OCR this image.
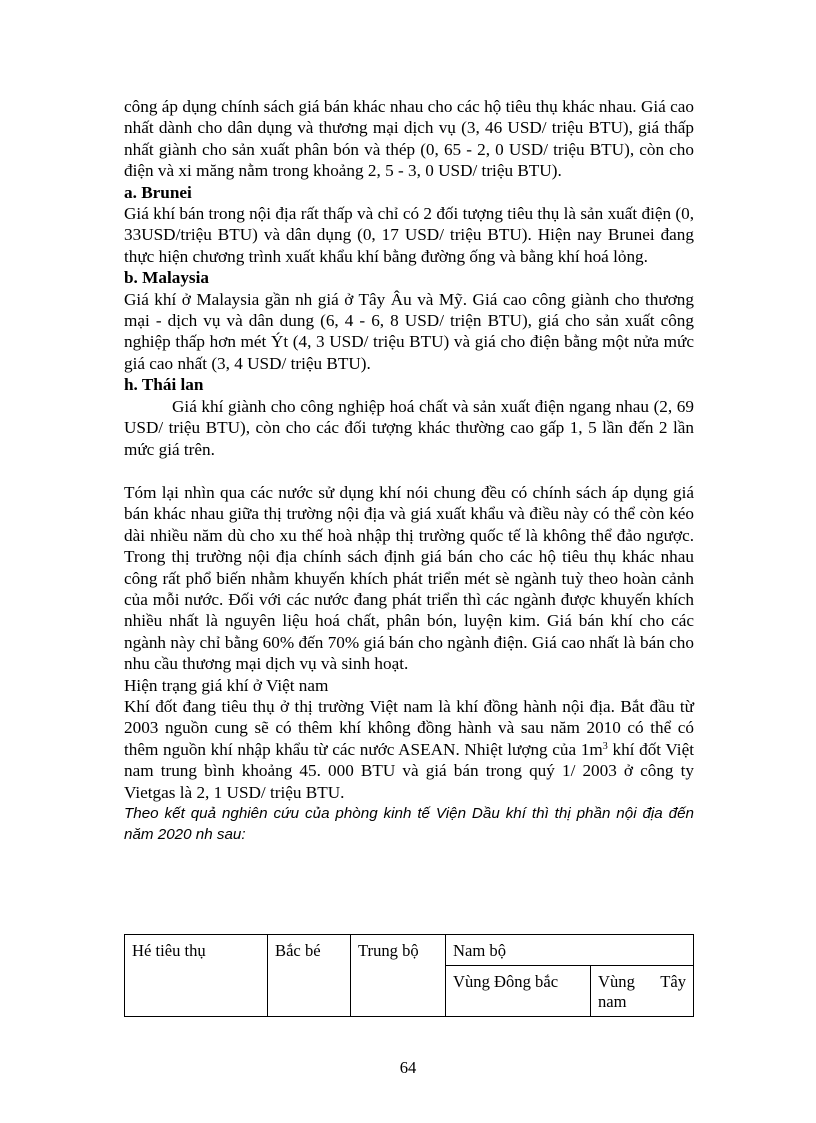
công áp dụng chính sách giá bán khác nhau cho các hộ tiêu thụ khác nhau. Giá cao nhất dành cho dân dụng và thương mại dịch vụ (3, 46 USD/ triệu BTU), giá thấp nhất giành cho sản xuất phân bón và thép (0, 65 - 2, 0 USD/ triệu BTU), còn cho điện và xi măng nằm trong khoảng 2, 5 - 3, 0 USD/ triệu BTU).

a. Brunei

Giá khí bán trong nội địa rất thấp và chỉ có 2 đối tượng tiêu thụ là sản xuất điện (0, 33USD/triệu BTU) và dân dụng (0, 17 USD/ triệu BTU). Hiện nay Brunei đang thực hiện chương trình xuất khẩu khí bằng đường ống và bằng khí hoá lỏng.

b. Malaysia

Giá khí ở Malaysia gần nh giá ở Tây Âu và Mỹ. Giá cao công giành cho thương mại - dịch vụ và dân dung (6, 4 - 6, 8 USD/ triện BTU), giá cho sản xuất công nghiệp thấp hơn mét Ýt (4, 3 USD/ triệu BTU) và giá cho điện bằng một nửa mức giá cao nhất (3, 4 USD/ triệu BTU).

h. Thái lan

Giá khí giành cho công nghiệp hoá chất và sản xuất điện ngang nhau (2, 69 USD/ triệu BTU), còn cho các đối tượng khác thường cao gấp 1, 5 lần đến 2 lần mức giá trên.

Tóm lại nhìn qua các nước sử dụng khí nói chung đều có chính sách áp dụng giá bán khác nhau giữa thị trường nội địa và giá xuất khẩu và điều này có thể còn kéo dài nhiều năm dù cho xu thế hoà nhập thị trường quốc tế là không thể đảo ngược. Trong thị trường nội địa chính sách định giá bán cho các hộ tiêu thụ khác nhau công rất phổ biến nhằm khuyến khích phát triển mét sè ngành tuỳ theo hoàn cảnh của mỗi nước. Đối với các nước đang phát triển thì các ngành được khuyến khích nhiều nhất là nguyên liệu hoá chất, phân bón, luyện kim. Giá bán khí cho các ngành này chỉ bằng 60% đến 70% giá bán cho ngành điện. Giá cao nhất là bán cho nhu cầu thương mại dịch vụ và sinh hoạt.

Hiện trạng giá khí ở Việt nam

Khí đốt đang tiêu thụ ở thị trường Việt nam là khí đồng hành nội địa. Bắt đầu từ 2003 nguồn cung sẽ có thêm khí không đồng hành và sau năm 2010 có thể có thêm nguồn khí nhập khẩu từ các nước ASEAN. Nhiệt lượng của $1m^3$ khí đốt Việt nam trung bình khoảng 45. 000 BTU và giá bán trong quý 1/ 2003 ở công ty Vietgas là 2, 1 USD/ triệu BTU.

Theo kết quả nghiên cứu của phòng kinh tế Viện Dầu khí thì thị phần nội địa đến năm 2020 nh sau:

Hé tiêu thụ	Bắc bé	Trung bộ	Nam bộ	
			Vùng Đông bắc	Vùng Tây
nam
64
